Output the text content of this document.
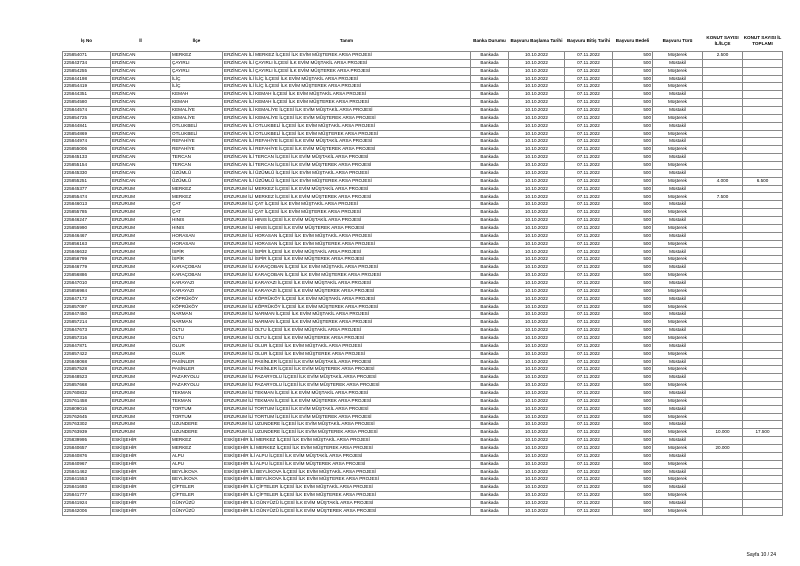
İş No	İl	İlçe	Tanım	Banka Durumu	Başvuru Başlama Tarihi	Başvuru Bitiş Tarihi	Başvuru Bedeli	Başvuru Türü	KONUT SAYISI İL/İLÇE	KONUT SAYISI İL TOPLAMI
225854071	ERZİNCAN	MERKEZ	ERZİNCAN İLİ MERKEZ İLÇESİ İLK EVİM MÜŞTEREK ARSA PROJESİ	Bankada	10.10.2022	07.11.2022	500	Müşterek	2.500	
225843734	ERZİNCAN	ÇAYIRLI	ERZİNCAN İLİ ÇAYIRLI İLÇESİ İLK EVİM MÜŞTAKİL ARSA PROJESİ	Bankada	10.10.2022	07.11.2022	500	Müstakil		
225854255	ERZİNCAN	ÇAYIRLI	ERZİNCAN İLİ ÇAYIRLI İLÇESİ İLK EVİM MÜŞTEREK ARSA PROJESİ	Bankada	10.10.2022	07.11.2022	500	Müşterek		
225844198	ERZİNCAN	İLİÇ	ERZİNCAN İLİ İLİÇ İLÇESİ İLK EVİM MÜŞTAKİL ARSA PROJESİ	Bankada	10.10.2022	07.11.2022	500	Müstakil		
225854419	ERZİNCAN	İLİÇ	ERZİNCAN İLİ İLİÇ İLÇESİ İLK EVİM MÜŞTEREK ARSA PROJESİ	Bankada	10.10.2022	07.11.2022	500	Müşterek		
225844351	ERZİNCAN	KEMAH	ERZİNCAN İLİ KEMAH İLÇESİ İLK EVİM MÜŞTAKİL ARSA PROJESİ	Bankada	10.10.2022	07.11.2022	500	Müstakil		
225854580	ERZİNCAN	KEMAH	ERZİNCAN İLİ KEMAH İLÇESİ İLK EVİM MÜŞTEREK ARSA PROJESİ	Bankada	10.10.2022	07.11.2022	500	Müşterek		
225844574	ERZİNCAN	KEMALİYE	ERZİNCAN İLİ KEMALİYE İLÇESİ İLK EVİM MÜŞTAKİL ARSA PROJESİ	Bankada	10.10.2022	07.11.2022	500	Müstakil		
225854725	ERZİNCAN	KEMALİYE	ERZİNCAN İLİ KEMALİYE İLÇESİ İLK EVİM MÜŞTEREK ARSA PROJESİ	Bankada	10.10.2022	07.11.2022	500	Müşterek		
225844841	ERZİNCAN	OTLUKBELİ	ERZİNCAN İLİ OTLUKBELİ İLÇESİ İLK EVİM MÜŞTAKİL ARSA PROJESİ	Bankada	10.10.2022	07.11.2022	500	Müstakil		
225854869	ERZİNCAN	OTLUKBELİ	ERZİNCAN İLİ OTLUKBELİ İLÇESİ İLK EVİM MÜŞTEREK ARSA PROJESİ	Bankada	10.10.2022	07.11.2022	500	Müşterek		
225844974	ERZİNCAN	REFAHİYE	ERZİNCAN İLİ REFAHİYE İLÇESİ İLK EVİM MÜŞTAKİL ARSA PROJESİ	Bankada	10.10.2022	07.11.2022	500	Müstakil		
225855006	ERZİNCAN	REFAHİYE	ERZİNCAN İLİ REFAHİYE İLÇESİ İLK EVİM MÜŞTEREK ARSA PROJESİ	Bankada	10.10.2022	07.11.2022	500	Müşterek		
225845133	ERZİNCAN	TERCAN	ERZİNCAN İLİ TERCAN İLÇESİ İLK EVİM MÜŞTAKİL ARSA PROJESİ	Bankada	10.10.2022	07.11.2022	500	Müstakil		
225855154	ERZİNCAN	TERCAN	ERZİNCAN İLİ TERCAN İLÇESİ İLK EVİM MÜŞTEREK ARSA PROJESİ	Bankada	10.10.2022	07.11.2022	500	Müşterek		
225845330	ERZİNCAN	ÜZÜMLÜ	ERZİNCAN İLİ ÜZÜMLÜ İLÇESİ İLK EVİM MÜŞTAKİL ARSA PROJESİ	Bankada	10.10.2022	07.11.2022	500	Müstakil		
225855251	ERZİNCAN	ÜZÜMLÜ	ERZİNCAN İLİ ÜZÜMLÜ İLÇESİ İLK EVİM MÜŞTEREK ARSA PROJESİ	Bankada	10.10.2022	07.11.2022	500	Müşterek	4.000	6.500
225845377	ERZURUM	MERKEZ	ERZURUM İLİ MERKEZ İLÇESİ İLK EVİM MÜŞTAKİL ARSA PROJESİ	Bankada	10.10.2022	07.11.2022	500	Müstakil		
225855474	ERZURUM	MERKEZ	ERZURUM İLİ MERKEZ İLÇESİ İLK EVİM MÜŞTEREK ARSA PROJESİ	Bankada	10.10.2022	07.11.2022	500	Müşterek	7.500	
225846013	ERZURUM	ÇAT	ERZURUM İLİ ÇAT İLÇESİ İLK EVİM MÜŞTAKİL ARSA PROJESİ	Bankada	10.10.2022	07.11.2022	500	Müstakil		
225855785	ERZURUM	ÇAT	ERZURUM İLİ ÇAT İLÇESİ İLK EVİM MÜŞTEREK ARSA PROJESİ	Bankada	10.10.2022	07.11.2022	500	Müşterek		
225846247	ERZURUM	HINIS	ERZURUM İLİ HINIS İLÇESİ İLK EVİM MÜŞTAKİL ARSA PROJESİ	Bankada	10.10.2022	07.11.2022	500	Müstakil		
225855990	ERZURUM	HINIS	ERZURUM İLİ HINIS İLÇESİ İLK EVİM MÜŞTEREK ARSA PROJESİ	Bankada	10.10.2022	07.11.2022	500	Müşterek		
225846467	ERZURUM	HORASAN	ERZURUM İLİ HORASAN İLÇESİ İLK EVİM MÜŞTAKİL ARSA PROJESİ	Bankada	10.10.2022	07.11.2022	500	Müstakil		
225856163	ERZURUM	HORASAN	ERZURUM İLİ HORASAN İLÇESİ İLK EVİM MÜŞTEREK ARSA PROJESİ	Bankada	10.10.2022	07.11.2022	500	Müşterek		
225846632	ERZURUM	İSPİR	ERZURUM İLİ İSPİR İLÇESİ İLK EVİM MÜŞTAKİL ARSA PROJESİ	Bankada	10.10.2022	07.11.2022	500	Müstakil		
225856799	ERZURUM	İSPİR	ERZURUM İLİ İSPİR İLÇESİ İLK EVİM MÜŞTEREK ARSA PROJESİ	Bankada	10.10.2022	07.11.2022	500	Müşterek		
225846779	ERZURUM	KARAÇOBAN	ERZURUM İLİ KARAÇOBAN İLÇESİ İLK EVİM MÜŞTAKİL ARSA PROJESİ	Bankada	10.10.2022	07.11.2022	500	Müstakil		
225856886	ERZURUM	KARAÇOBAN	ERZURUM İLİ KARAÇOBAN İLÇESİ İLK EVİM MÜŞTEREK ARSA PROJESİ	Bankada	10.10.2022	07.11.2022	500	Müşterek		
225847010	ERZURUM	KARAYAZI	ERZURUM İLİ KARAYAZI İLÇESİ İLK EVİM MÜŞTAKİL ARSA PROJESİ	Bankada	10.10.2022	07.11.2022	500	Müstakil		
225856984	ERZURUM	KARAYAZI	ERZURUM İLİ KARAYAZI İLÇESİ İLK EVİM MÜŞTEREK ARSA PROJESİ	Bankada	10.10.2022	07.11.2022	500	Müşterek		
225847172	ERZURUM	KÖPRÜKÖY	ERZURUM İLİ KÖPRÜKÖY İLÇESİ İLK EVİM MÜŞTAKİL ARSA PROJESİ	Bankada	10.10.2022	07.11.2022	500	Müstakil		
225857097	ERZURUM	KÖPRÜKÖY	ERZURUM İLİ KÖPRÜKÖY İLÇESİ İLK EVİM MÜŞTEREK ARSA PROJESİ	Bankada	10.10.2022	07.11.2022	500	Müşterek		
225847450	ERZURUM	NARMAN	ERZURUM İLİ NARMAN İLÇESİ İLK EVİM MÜŞTAKİL ARSA PROJESİ	Bankada	10.10.2022	07.11.2022	500	Müstakil		
225857214	ERZURUM	NARMAN	ERZURUM İLİ NARMAN İLÇESİ İLK EVİM MÜŞTEREK ARSA PROJESİ	Bankada	10.10.2022	07.11.2022	500	Müşterek		
225847673	ERZURUM	OLTU	ERZURUM İLİ OLTU İLÇESİ İLK EVİM MÜŞTAKİL ARSA PROJESİ	Bankada	10.10.2022	07.11.2022	500	Müstakil		
225857316	ERZURUM	OLTU	ERZURUM İLİ OLTU İLÇESİ İLK EVİM MÜŞTEREK ARSA PROJESİ	Bankada	10.10.2022	07.11.2022	500	Müşterek		
225847871	ERZURUM	OLUR	ERZURUM İLİ OLUR İLÇESİ İLK EVİM MÜŞTAKİL ARSA PROJESİ	Bankada	10.10.2022	07.11.2022	500	Müstakil		
225857422	ERZURUM	OLUR	ERZURUM İLİ OLUR İLÇESİ İLK EVİM MÜŞTEREK ARSA PROJESİ	Bankada	10.10.2022	07.11.2022	500	Müşterek		
225848068	ERZURUM	PASİNLER	ERZURUM İLİ PASİNLER İLÇESİ İLK EVİM MÜŞTAKİL ARSA PROJESİ	Bankada	10.10.2022	07.11.2022	500	Müstakil		
225857528	ERZURUM	PASİNLER	ERZURUM İLİ PASİNLER İLÇESİ İLK EVİM MÜŞTEREK ARSA PROJESİ	Bankada	10.10.2022	07.11.2022	500	Müşterek		
225848523	ERZURUM	PAZARYOLU	ERZURUM İLİ PAZARYOLU İLÇESİ İLK EVİM MÜŞTAKİL ARSA PROJESİ	Bankada	10.10.2022	07.11.2022	500	Müstakil		
225857668	ERZURUM	PAZARYOLU	ERZURUM İLİ PAZARYOLU İLÇESİ İLK EVİM MÜŞTEREK ARSA PROJESİ	Bankada	10.10.2022	07.11.2022	500	Müşterek		
225760832	ERZURUM	TEKMAN	ERZURUM İLİ TEKMAN İLÇESİ İLK EVİM MÜŞTAKİL ARSA PROJESİ	Bankada	10.10.2022	07.11.2022	500	Müstakil		
225761458	ERZURUM	TEKMAN	ERZURUM İLİ TEKMAN İLÇESİ İLK EVİM MÜŞTEREK ARSA PROJESİ	Bankada	10.10.2022	07.11.2022	500	Müşterek		
225809016	ERZURUM	TORTUM	ERZURUM İLİ TORTUM İLÇESİ İLK EVİM MÜŞTAKİL ARSA PROJESİ	Bankada	10.10.2022	07.11.2022	500	Müstakil		
225762645	ERZURUM	TORTUM	ERZURUM İLİ TORTUM İLÇESİ İLK EVİM MÜŞTEREK ARSA PROJESİ	Bankada	10.10.2022	07.11.2022	500	Müşterek		
225763302	ERZURUM	UZUNDERE	ERZURUM İLİ UZUNDERE İLÇESİ İLK EVİM MÜŞTAKİL ARSA PROJESİ	Bankada	10.10.2022	07.11.2022	500	Müstakil		
225763939	ERZURUM	UZUNDERE	ERZURUM İLİ UZUNDERE İLÇESİ İLK EVİM MÜŞTEREK ARSA PROJESİ	Bankada	10.10.2022	07.11.2022	500	Müşterek	10.000	17.500
225839995	ESKİŞEHİR	MERKEZ	ESKİŞEHİR İLİ MERKEZ İLÇESİ İLK EVİM MÜŞTAKİL ARSA PROJESİ	Bankada	10.10.2022	07.11.2022	500	Müstakil		
225840657	ESKİŞEHİR	MERKEZ	ESKİŞEHİR İLİ MERKEZ İLÇESİ İLK EVİM MÜŞTEREK ARSA PROJESİ	Bankada	10.10.2022	07.11.2022	500	Müşterek	20.000	
225840876	ESKİŞEHİR	ALPU	ESKİŞEHİR İLİ ALPU İLÇESİ İLK EVİM MÜŞTAKİL ARSA PROJESİ	Bankada	10.10.2022	07.11.2022	500	Müstakil		
225840967	ESKİŞEHİR	ALPU	ESKİŞEHİR İLİ ALPU İLÇESİ İLK EVİM MÜŞTEREK ARSA PROJESİ	Bankada	10.10.2022	07.11.2022	500	Müşterek		
225841462	ESKİŞEHİR	BEYLİKOVA	ESKİŞEHİR İLİ BEYLİKOVA İLÇESİ İLK EVİM MÜŞTAKİL ARSA PROJESİ	Bankada	10.10.2022	07.11.2022	500	Müstakil		
225841553	ESKİŞEHİR	BEYLİKOVA	ESKİŞEHİR İLİ BEYLİKOVA İLÇESİ İLK EVİM MÜŞTEREK ARSA PROJESİ	Bankada	10.10.2022	07.11.2022	500	Müşterek		
225841693	ESKİŞEHİR	ÇİFTELER	ESKİŞEHİR İLİ ÇİFTELER İLÇESİ İLK EVİM MÜŞTAKİL ARSA PROJESİ	Bankada	10.10.2022	07.11.2022	500	Müstakil		
225841777	ESKİŞEHİR	ÇİFTELER	ESKİŞEHİR İLİ ÇİFTELER İLÇESİ İLK EVİM MÜŞTEREK ARSA PROJESİ	Bankada	10.10.2022	07.11.2022	500	Müşterek		
225841924	ESKİŞEHİR	GÜNYÜZÜ	ESKİŞEHİR İLİ GÜNYÜZÜ İLÇESİ İLK EVİM MÜŞTAKİL ARSA PROJESİ	Bankada	10.10.2022	07.11.2022	500	Müstakil		
225842006	ESKİŞEHİR	GÜNYÜZÜ	ESKİŞEHİR İLİ GÜNYÜZÜ İLÇESİ İLK EVİM MÜŞTEREK ARSA PROJESİ	Bankada	10.10.2022	07.11.2022	500	Müşterek		
Sayfa 10 / 24
